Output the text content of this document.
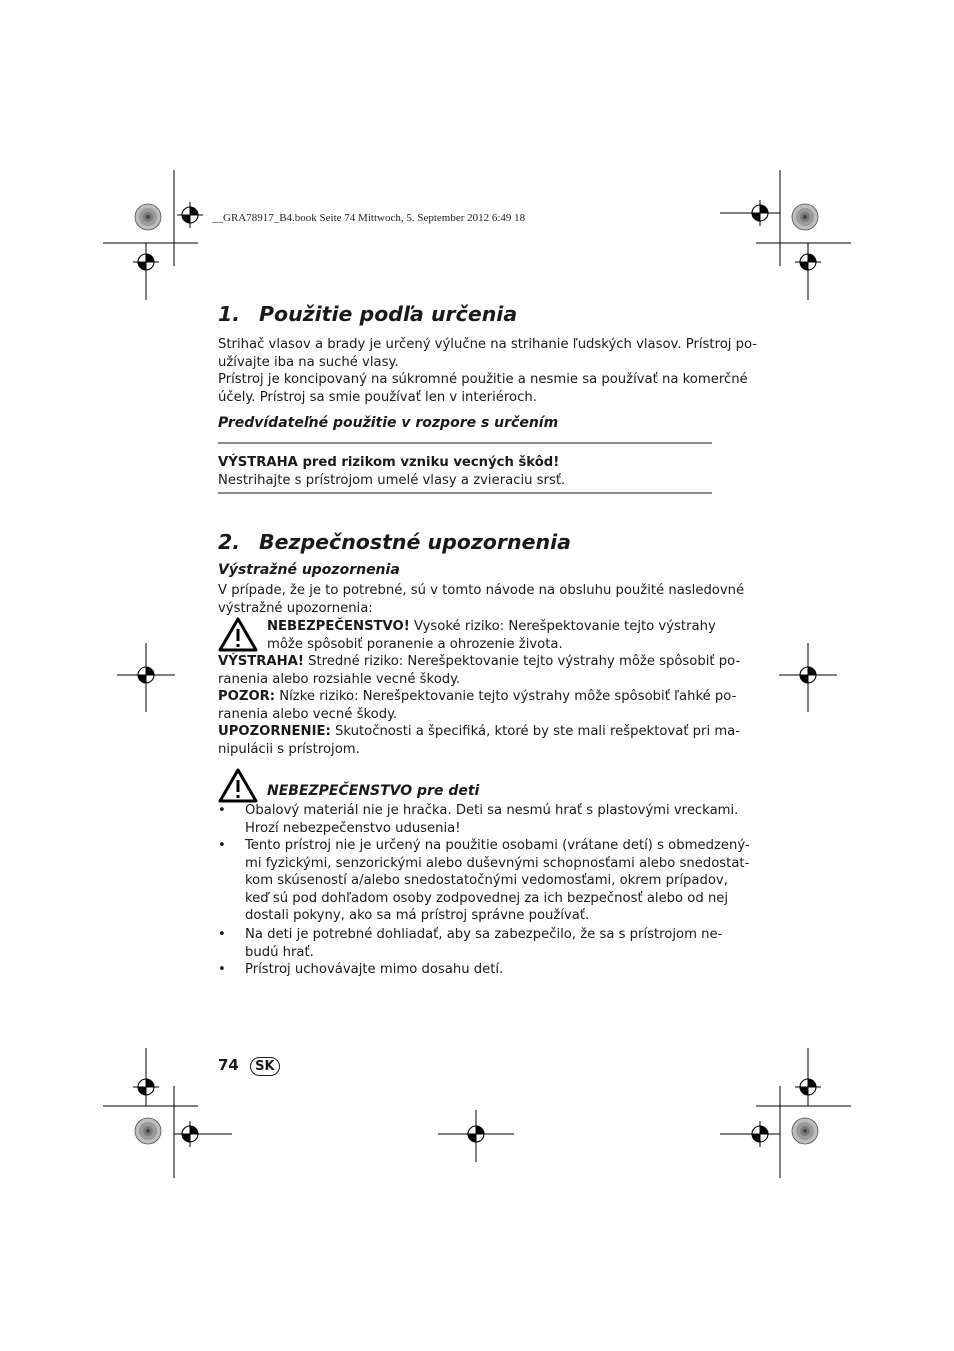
__GRA78917_B4.book Seite 74 Mittwoch, 5. September 2012 6:49 18
1. Použitie podľa určenia
Strihač vlasov a brady je určený výlučne na strihanie ľudských vlasov. Prístroj po-
užívajte iba na suché vlasy.
Prístroj je koncipovaný na súkromné použitie a nesmie sa používať na komerčné
účely. Prístroj sa smie používať len v interiéroch.
Predvídateľné použitie v rozpore s určením
VÝSTRAHA pred rizikom vzniku vecných škôd!
Nestrihajte s prístrojom umelé vlasy a zvieraciu srsť.
2. Bezpečnostné upozornenia
Výstražné upozornenia
V prípade, že je to potrebné, sú v tomto návode na obsluhu použité nasledovné
výstražné upozornenia:
NEBEZPEČENSTVO! Vysoké riziko: Nerešpektovanie tejto výstrahy
môže spôsobiť poranenie a ohrozenie života.
VÝSTRAHA! Stredné riziko: Nerešpektovanie tejto výstrahy môže spôsobiť po-
ranenia alebo rozsiahle vecné škody.
POZOR: Nízke riziko: Nerešpektovanie tejto výstrahy môže spôsobiť ľahké po-
ranenia alebo vecné škody.
UPOZORNENIE: Skutočnosti a špecifiká, ktoré by ste mali rešpektovať pri ma-
nipulácii s prístrojom.
NEBEZPEČENSTVO pre deti
•	Obalový materiál nie je hračka. Deti sa nesmú hrať s plastovými vreckami.
Hrozí nebezpečenstvo udusenia!
•	Tento prístroj nie je určený na použitie osobami (vrátane detí) s obmedzený-
mi fyzickými, senzorickými alebo duševnými schopnosťami alebo snedostat-
kom skúseností a/alebo snedostatočnými vedomosťami, okrem prípadov,
keď sú pod dohľadom osoby zodpovednej za ich bezpečnosť alebo od nej
dostali pokyny, ako sa má prístroj správne používať.
•	Na deti je potrebné dohliadať, aby sa zabezpečilo, že sa s prístrojom ne-
budú hrať.
•	Prístroj uchovávajte mimo dosahu detí.
74 SK
